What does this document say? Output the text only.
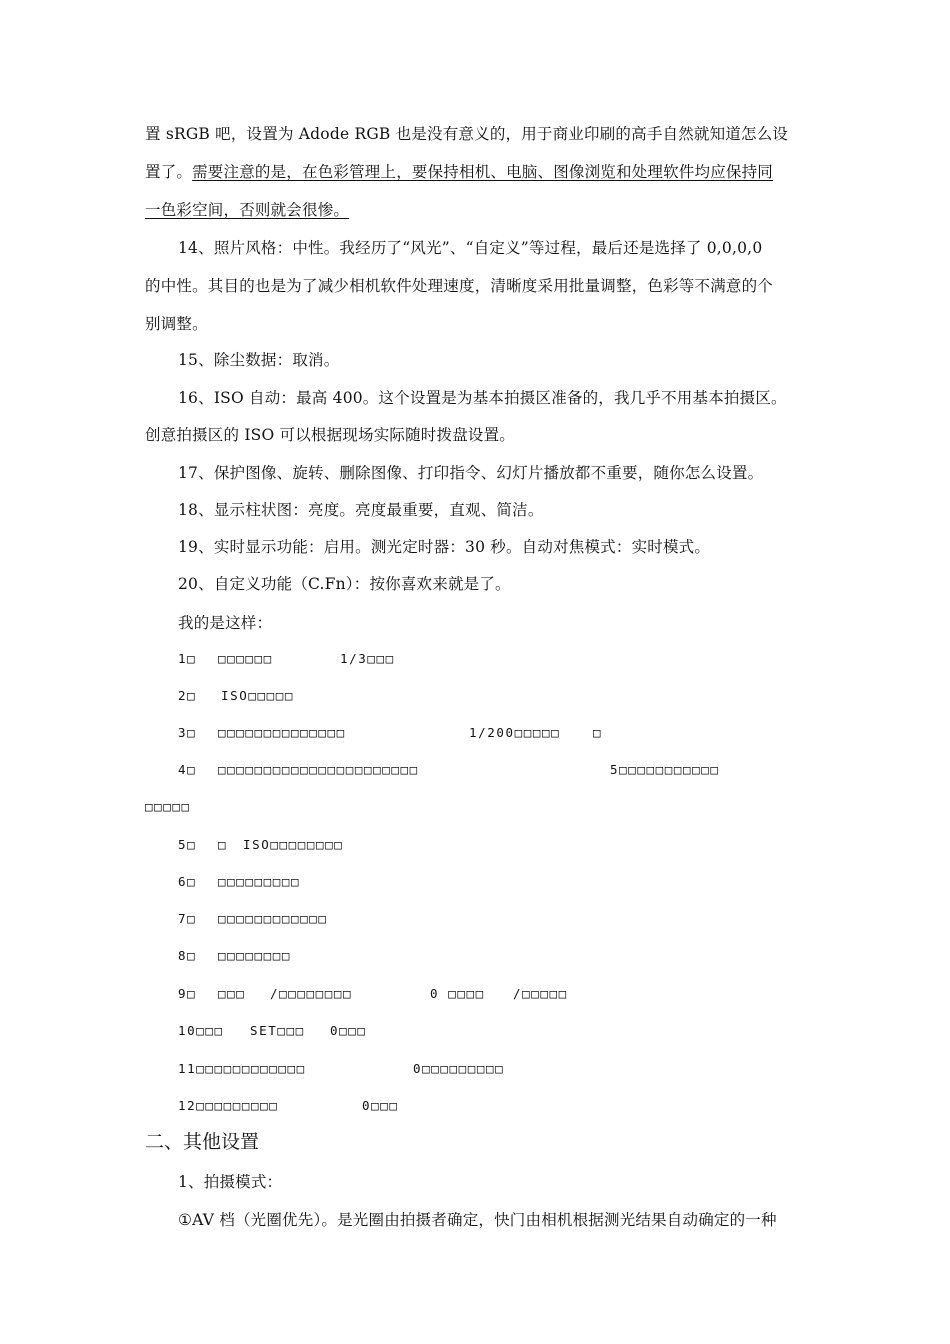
置 sRGB 吧，设置为 Adode RGB 也是没有意义的，用于商业印刷的高手自然就知道怎么设
置了。需要注意的是，在色彩管理上，要保持相机、电脑、图像浏览和处理软件均应保持同
一色彩空间，否则就会很惨。
14、照片风格：中性。我经历了“风光”、“自定义”等过程，最后还是选择了 0,0,0,0
的中性。其目的也是为了减少相机软件处理速度，清晰度采用批量调整，色彩等不满意的个
别调整。
15、除尘数据：取消。
16、ISO 自动：最高 400。这个设置是为基本拍摄区准备的，我几乎不用基本拍摄区。
创意拍摄区的 ISO 可以根据现场实际随时拨盘设置。
17、保护图像、旋转、删除图像、打印指令、幻灯片播放都不重要，随你怎么设置。
18、显示柱状图：亮度。亮度最重要，直观、简洁。
19、实时显示功能：启用。测光定时器：30 秒。自动对焦模式：实时模式。
20、自定义功能（C.Fn）：按你喜欢来就是了。
我的是这样：
1□ □□□□□□	1/3□□□
2□ ISO□□□□□
3□ □□□□□□□□□□□□□□	1/200□□□□□	□
4□ □□□□□□□□□□□□□□□□□□□□□□	5□□□□□□□□□□□
□□□□□
5□ □ ISO□□□□□□□□
6□ □□□□□□□□□
7□ □□□□□□□□□□□□
8□ □□□□□□□□
9□ □□□ /□□□□□□□□	0 □□□□ /□□□□□
10□□□ SET□□□ 0□□□
11□□□□□□□□□□□□	0□□□□□□□□□
12□□□□□□□□□	0□□□
二、其他设置
1、拍摄模式：
①AV 档（光圈优先）。是光圈由拍摄者确定，快门由相机根据测光结果自动确定的一种
